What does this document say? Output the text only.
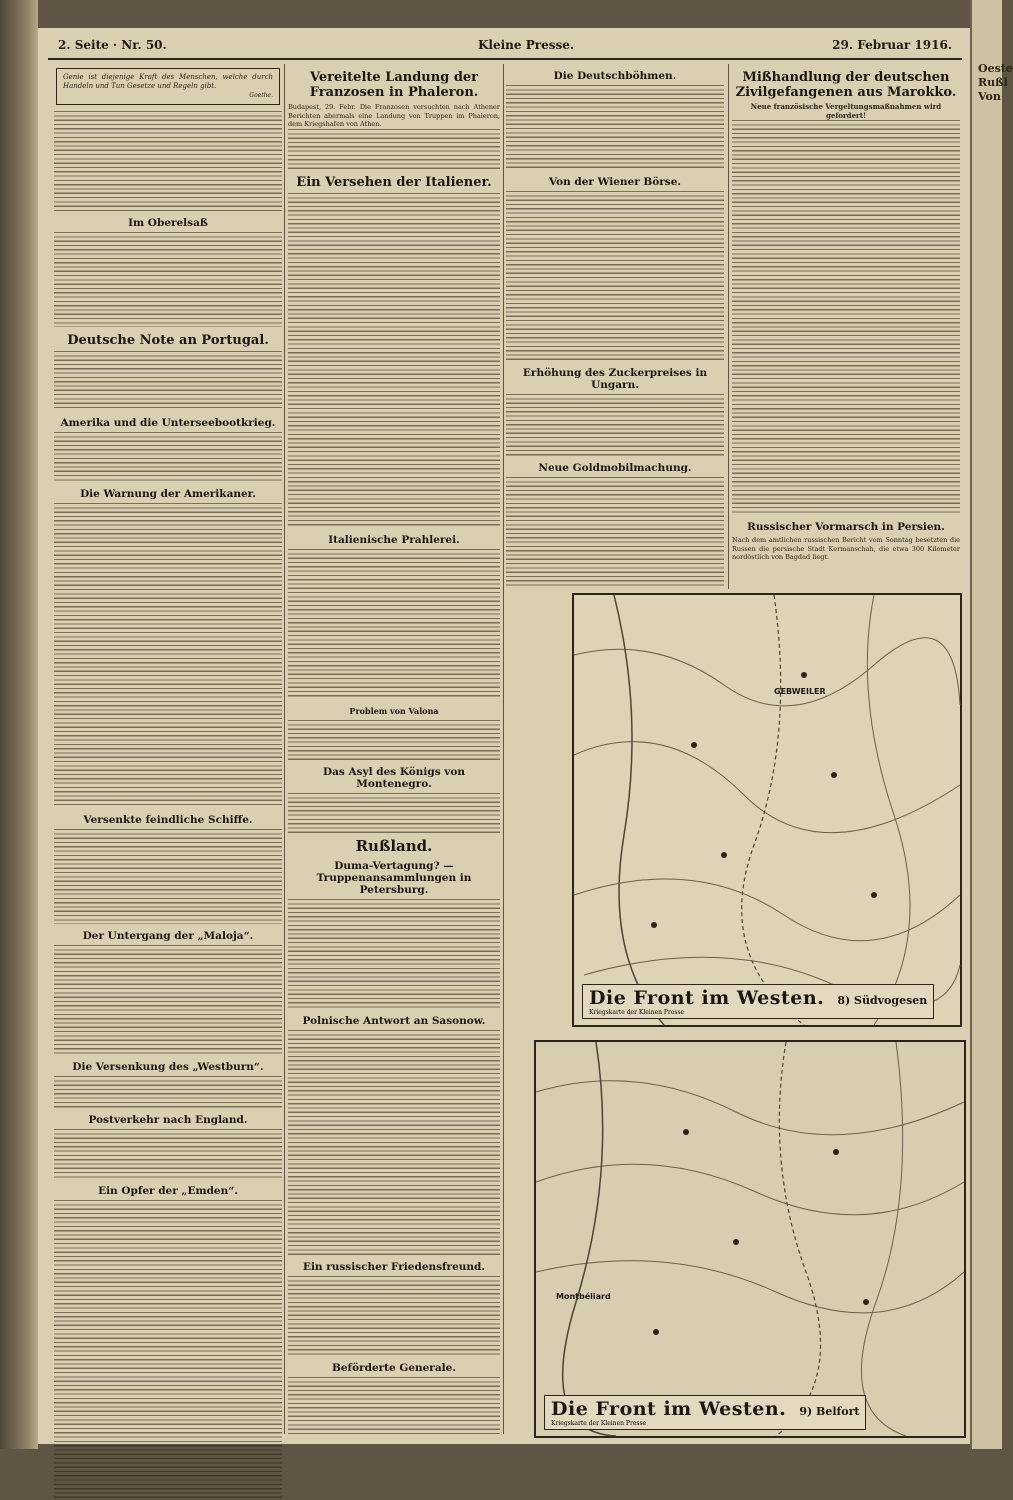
2. Seite · Nr. 50.	Kleine Presse.	29. Februar 1916.
Genie ist diejenige Kraft des Menschen, welche durch Handeln und Tun Gesetze und Regeln gibt.
Goethe.
Im Oberelsaß
Deutsche Note an Portugal.
Amerika und die Unterseebootkrieg.
Die Warnung der Amerikaner.
Versenkte feindliche Schiffe.
Der Untergang der „Maloja“.
Die Versenkung des „Westburn“.
Postverkehr nach England.
Ein Opfer der „Emden“.
Vereitelte Landung der Franzosen in Phaleron.

Budapest, 29. Febr. Die Franzosen versuchten nach Athener Berichten abermals eine Landung von Truppen im Phaleron, dem Kriegshafen von Athen.

Ein Versehen der Italiener.
Italienische Prahlerei.
Problem von Valona
Das Asyl des Königs von Montenegro.
Rußland.
Duma-Vertagung? — Truppenansammlungen in Petersburg.
Polnische Antwort an Sasonow.
Ein russischer Friedensfreund.
Beförderte Generale.
Die Deutschböhmen.
Von der Wiener Börse.
Erhöhung des Zuckerpreises in Ungarn.
Neue Goldmobilmachung.
Mißhandlung der deutschen Zivilgefangenen aus Marokko.

Neue französische Vergeltungsmaßnahmen wird gefordert!

Russischer Vormarsch in Persien.

Nach dem amtlichen russischen Bericht vom Sonntag besetzten die Russen die persische Stadt Kermanschah, die etwa 300 Kilometer nordöstlich von Bagdad liegt.

GEBWEILER
Die Front im Westen. 8) Südvogesen
Kriegskarte der Kleinen Presse
Montbéliard
Die Front im Westen. 9) Belfort
Kriegskarte der Kleinen Presse
Oeste Rußl Von
